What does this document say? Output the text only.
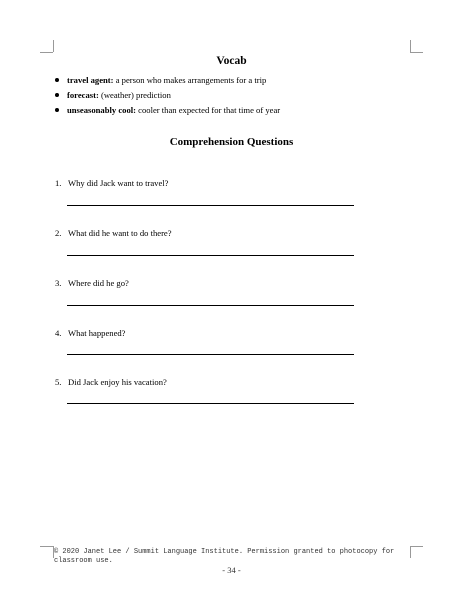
Vocab
travel agent: a person who makes arrangements for a trip
forecast: (weather) prediction
unseasonably cool: cooler than expected for that time of year
Comprehension Questions
1. Why did Jack want to travel?
2. What did he want to do there?
3. Where did he go?
4. What happened?
5. Did Jack enjoy his vacation?
© 2020 Janet Lee / Summit Language Institute. Permission granted to photocopy for classroom use.
- 34 -
